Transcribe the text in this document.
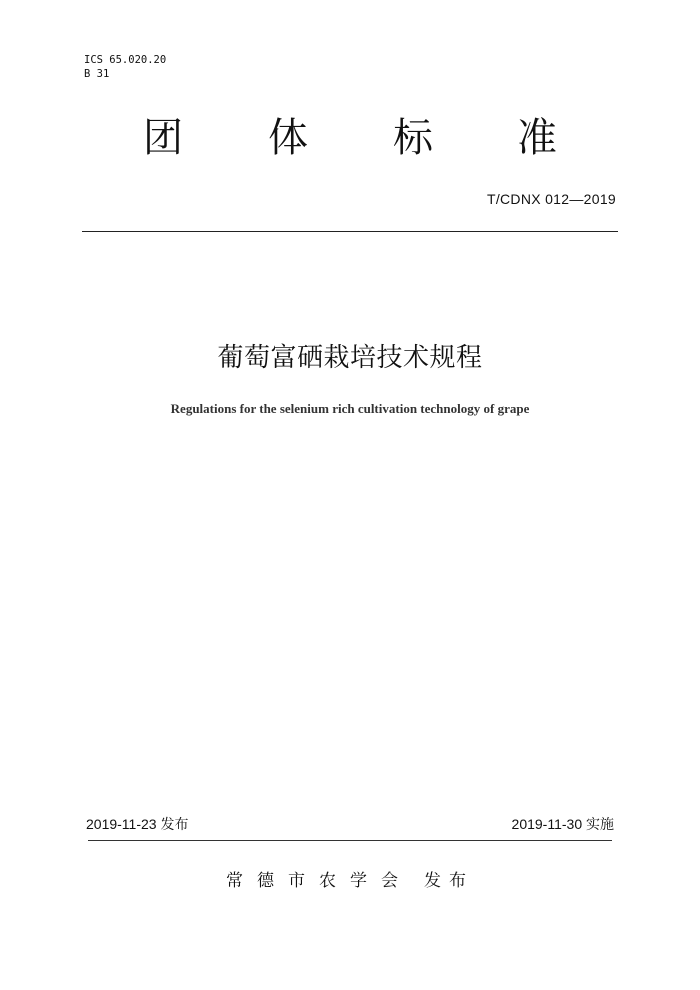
ICS 65.020.20
B 31
团 体 标 准
T/CDNX 012—2019
葡萄富硒栽培技术规程
Regulations for the selenium rich cultivation technology of grape
2019-11-23 发布	2019-11-30 实施
常德市农学会 发布
